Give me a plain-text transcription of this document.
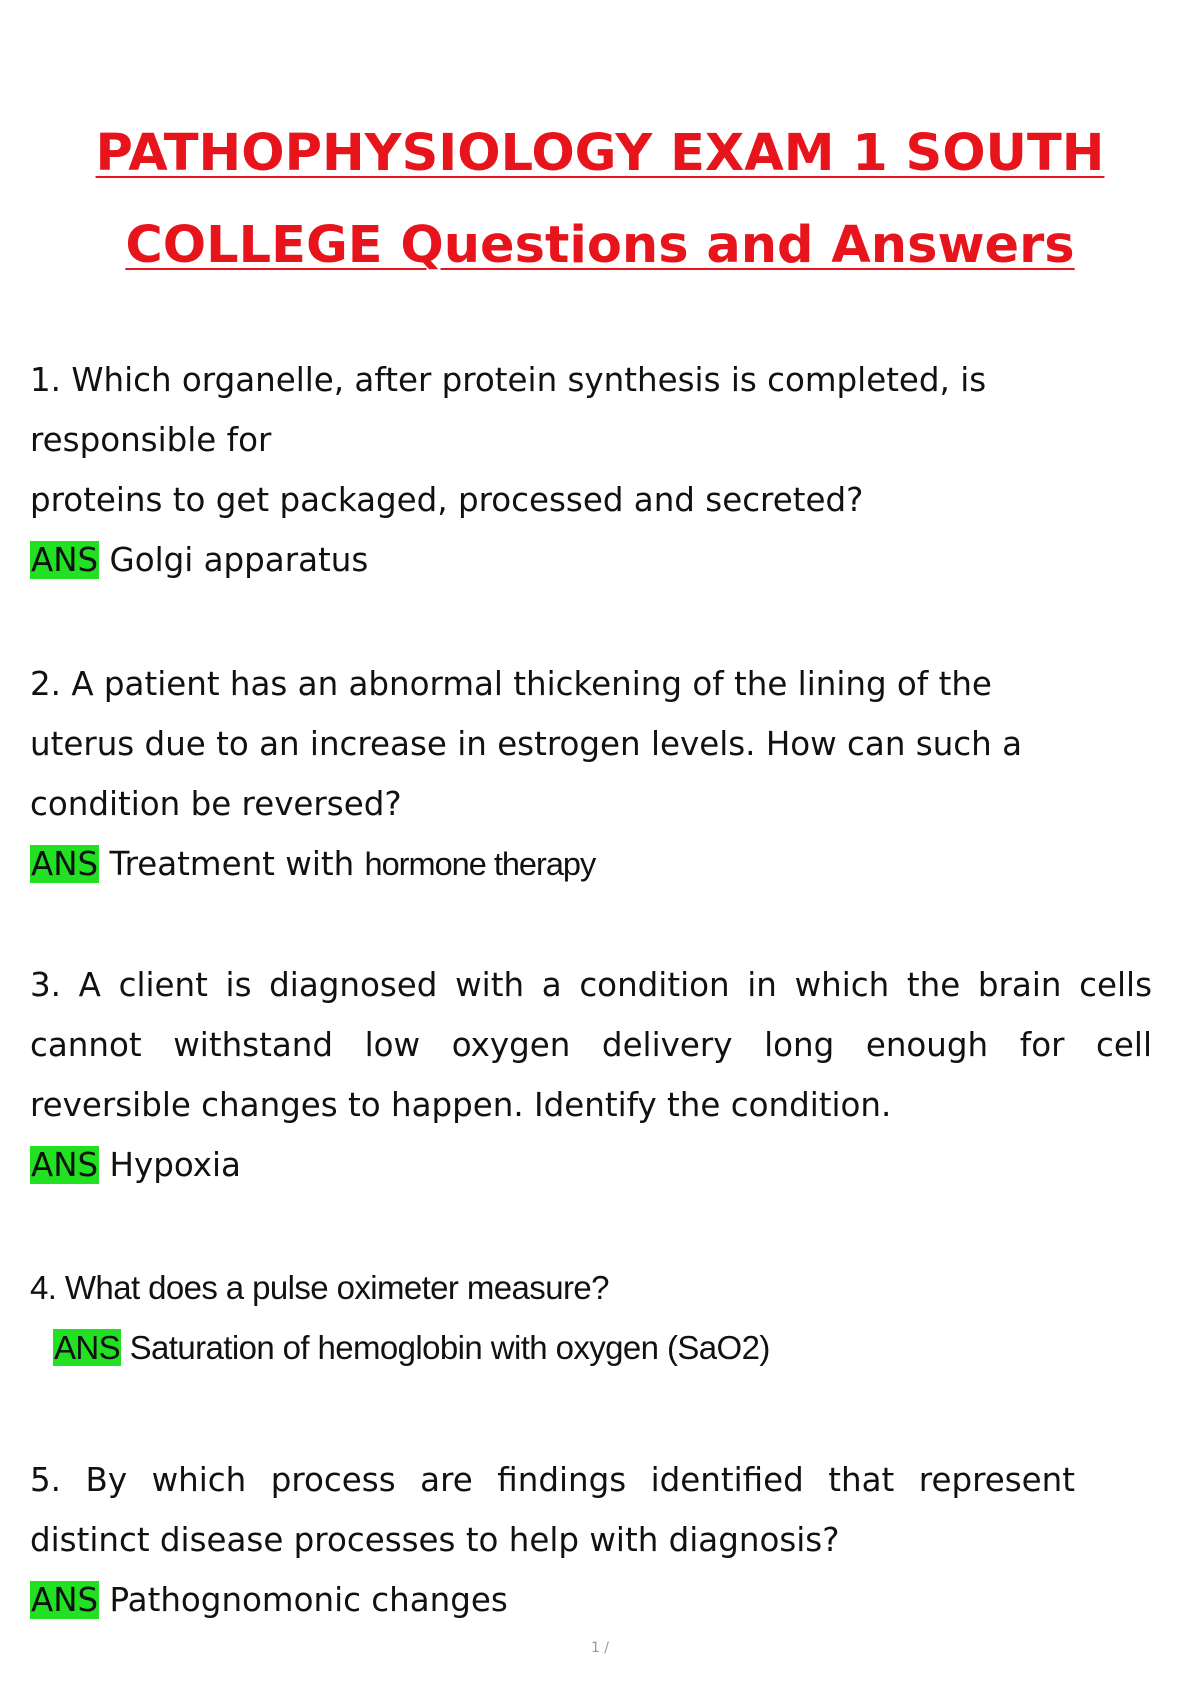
PATHOPHYSIOLOGY EXAM 1 SOUTH
COLLEGE Questions and Answers

1. Which organelle, after protein synthesis is completed, is
responsible for
proteins to get packaged, processed and secreted?

ANS Golgi apparatus

2. A patient has an abnormal thickening of the lining of the uterus due to an increase in estrogen levels. How can such a condition be reversed?

ANS Treatment with hormone therapy

3. A client is diagnosed with a condition in which the brain cells cannot withstand low oxygen delivery long enough for cell reversible changes to happen. Identify the condition.

ANS Hypoxia

4. What does a pulse oximeter measure?

ANS Saturation of hemoglobin with oxygen (SaO2)

5. By which process are findings identified that represent distinct disease processes to help with diagnosis?

ANS Pathognomonic changes

1 /
